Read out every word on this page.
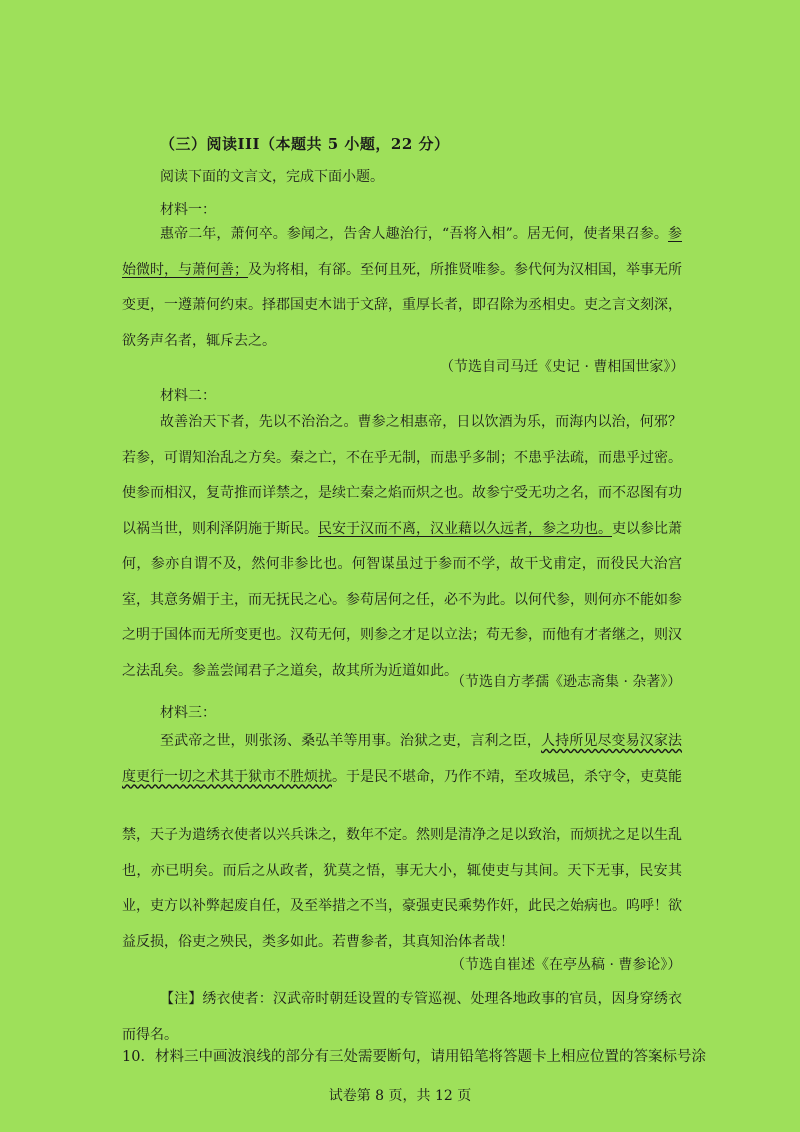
（三）阅读III（本题共 5 小题，22 分）
阅读下面的文言文，完成下面小题。
材料一：
惠帝二年，萧何卒。参闻之，告舍人趣治行，“吾将入相”。居无何，使者果召参。参始微时，与萧何善；及为将相，有郤。至何且死，所推贤唯参。参代何为汉相国，举事无所变更，一遵萧何约束。择郡国吏木诎于文辞，重厚长者，即召除为丞相史。吏之言文刻深，欲务声名者，辄斥去之。
（节选自司马迁《史记 · 曹相国世家》）
材料二：
故善治天下者，先以不治治之。曹参之相惠帝，日以饮酒为乐，而海内以治，何邪？若参，可谓知治乱之方矣。秦之亡，不在乎无制，而患乎多制；不患乎法疏，而患乎过密。使参而相汉，复苛推而详禁之，是续亡秦之焰而炽之也。故参宁受无功之名，而不忍图有功以祸当世，则利泽阴施于斯民。民安于汉而不离，汉业藉以久远者，参之功也。吏以参比萧何，参亦自谓不及，然何非参比也。何智谋虽过于参而不学，故干戈甫定，而役民大治宫室，其意务媚于主，而无抚民之心。参苟居何之任，必不为此。以何代参，则何亦不能如参之明于国体而无所变更也。汉苟无何，则参之才足以立法；苟无参，而他有才者继之，则汉之法乱矣。参盖尝闻君子之道矣，故其所为近道如此。
（节选自方孝孺《逊志斋集 · 杂著》）
材料三：
至武帝之世，则张汤、桑弘羊等用事。治狱之吏，言利之臣，人持所见尽变易汉家法度更行一切之术其于狱市不胜烦扰。于是民不堪命，乃作不靖，至攻城邑，杀守令，吏莫能
禁，天子为遣绣衣使者以兴兵诛之，数年不定。然则是清净之足以致治，而烦扰之足以生乱也，亦已明矣。而后之从政者，犹莫之悟，事无大小，辄使吏与其间。天下无事，民安其业，吏方以补弊起废自任，及至举措之不当，豪强吏民乘势作奸，此民之始病也。呜呼！欲益反损，俗吏之殃民，类多如此。若曹参者，其真知治体者哉！
（节选自崔述《在亭丛稿 · 曹参论》）
【注】绣衣使者：汉武帝时朝廷设置的专管巡视、处理各地政事的官员，因身穿绣衣而得名。
10．材料三中画波浪线的部分有三处需要断句，请用铅笔将答题卡上相应位置的答案标号涂
试卷第 8 页，共 12 页
